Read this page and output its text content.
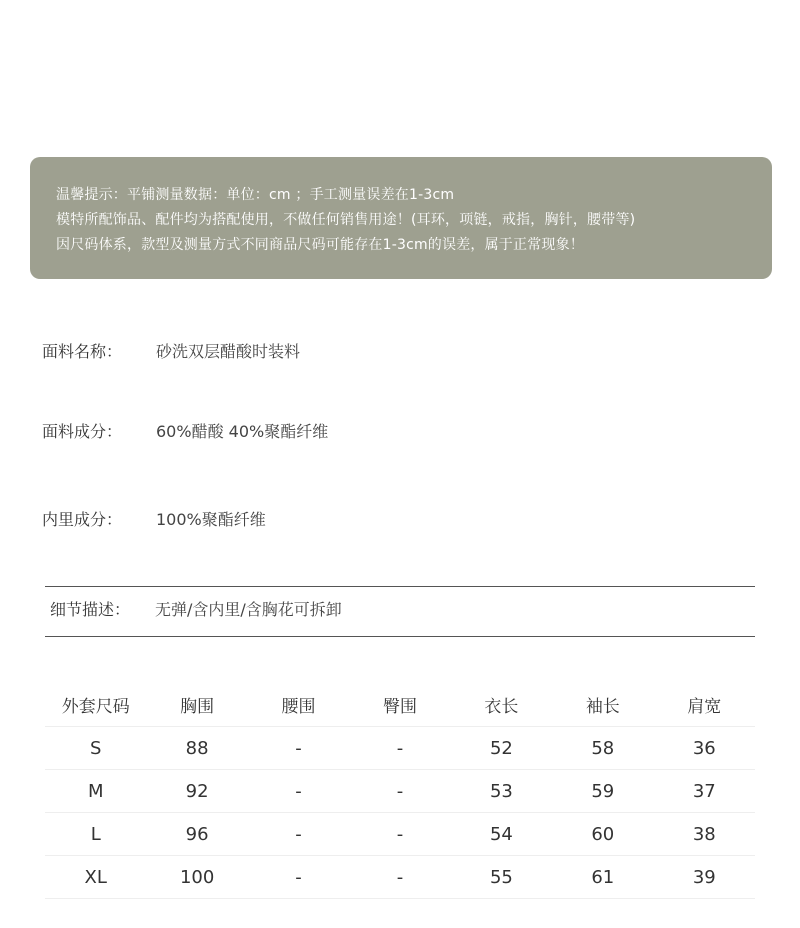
温馨提示：平铺测量数据：单位：cm ；手工测量误差在1-3cm
模特所配饰品、配件均为搭配使用，不做任何销售用途！(耳环，项链，戒指，胸针，腰带等)
因尺码体系，款型及测量方式不同商品尺码可能存在1-3cm的误差，属于正常现象！
面料名称： 砂洗双层醋酸时装料
面料成分： 60%醋酸 40%聚酯纤维
内里成分： 100%聚酯纤维
细节描述： 无弹/含内里/含胸花可拆卸
外套尺码	胸围	腰围	臀围	衣长	袖长	肩宽
S	88	-	-	52	58	36
M	92	-	-	53	59	37
L	96	-	-	54	60	38
XL	100	-	-	55	61	39
